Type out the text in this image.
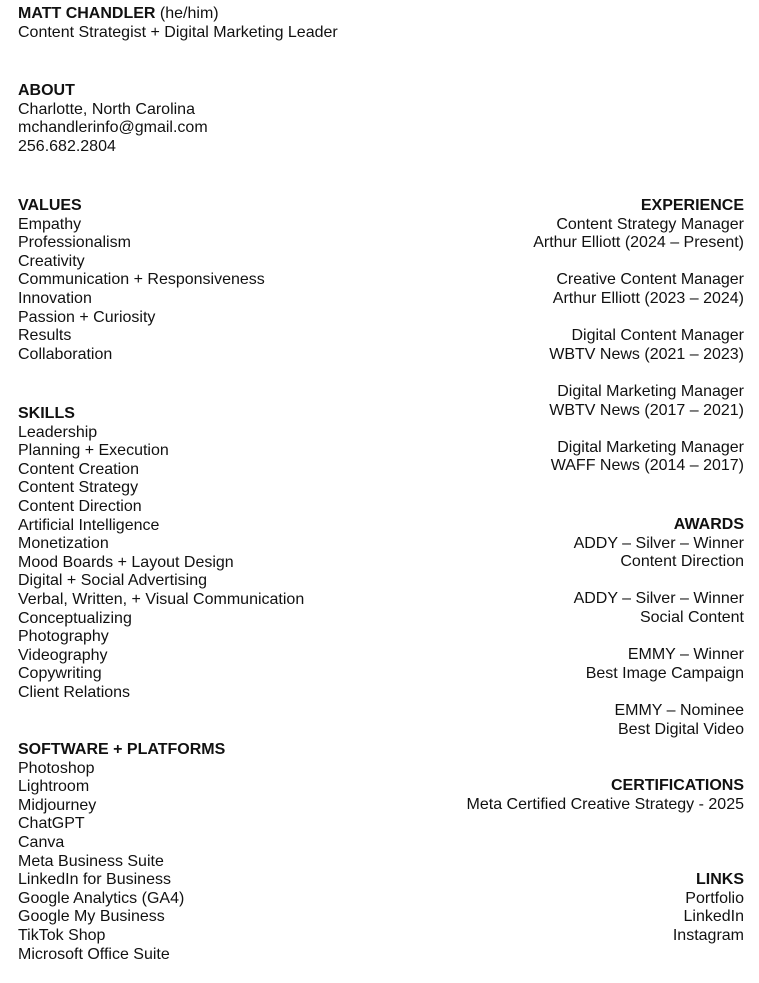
MATT CHANDLER (he/him)
Content Strategist + Digital Marketing Leader
ABOUT
Charlotte, North Carolina
mchandlerinfo@gmail.com
256.682.2804
VALUES
Empathy
Professionalism
Creativity
Communication + Responsiveness
Innovation
Passion + Curiosity
Results
Collaboration
SKILLS
Leadership
Planning + Execution
Content Creation
Content Strategy
Content Direction
Artificial Intelligence
Monetization
Mood Boards + Layout Design
Digital + Social Advertising
Verbal, Written, + Visual Communication
Conceptualizing
Photography
Videography
Copywriting
Client Relations
SOFTWARE + PLATFORMS
Photoshop
Lightroom
Midjourney
ChatGPT
Canva
Meta Business Suite
LinkedIn for Business
Google Analytics (GA4)
Google My Business
TikTok Shop
Microsoft Office Suite
EXPERIENCE
Content Strategy Manager
Arthur Elliott (2024 – Present)
Creative Content Manager
Arthur Elliott (2023 – 2024)
Digital Content Manager
WBTV News (2021 – 2023)
Digital Marketing Manager
WBTV News (2017 – 2021)
Digital Marketing Manager
WAFF News (2014 – 2017)
AWARDS
ADDY – Silver – Winner
Content Direction
ADDY – Silver – Winner
Social Content
EMMY – Winner
Best Image Campaign
EMMY – Nominee
Best Digital Video
CERTIFICATIONS
Meta Certified Creative Strategy - 2025
LINKS
Portfolio
LinkedIn
Instagram
